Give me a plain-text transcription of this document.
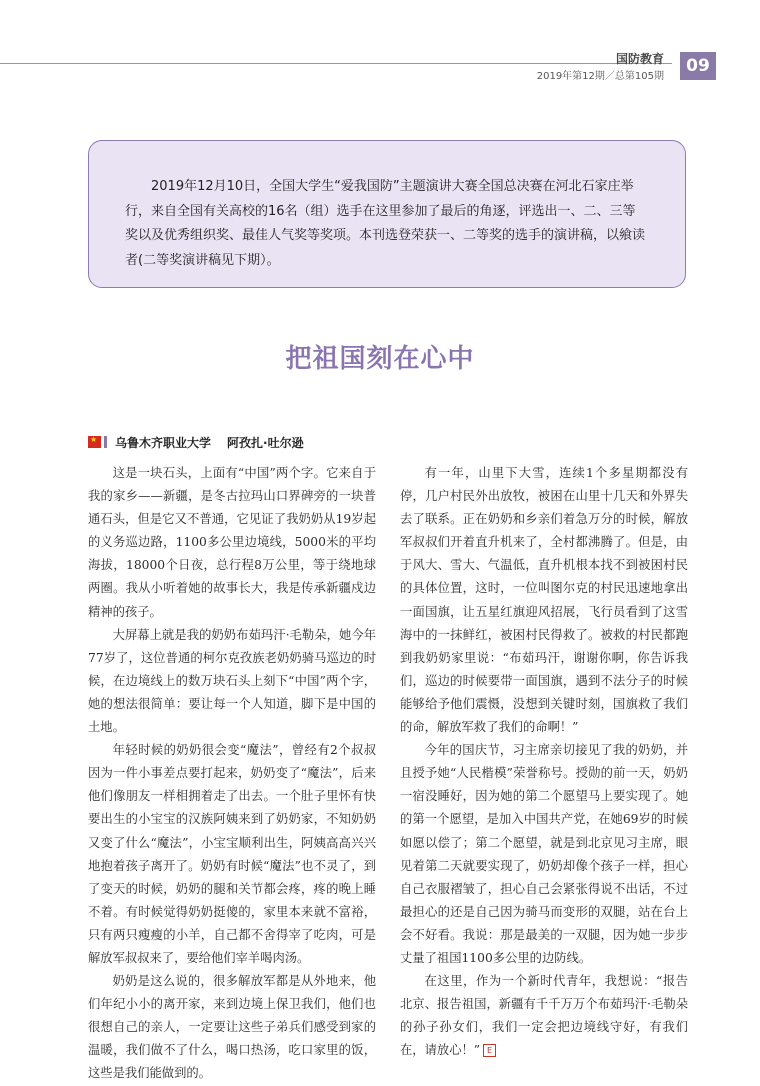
国防教育
2019年第12期／总第105期
09

2019年12月10日，全国大学生“爱我国防”主题演讲大赛全国总决赛在河北石家庄举行，来自全国有关高校的16名（组）选手在这里参加了最后的角逐，评选出一、二、三等奖以及优秀组织奖、最佳人气奖等奖项。本刊选登荣获一、二等奖的选手的演讲稿，以飨读者(二等奖演讲稿见下期）。

把祖国刻在心中
★
乌鲁木齐职业大学 阿孜扎·吐尔逊

这是一块石头，上面有“中国”两个字。它来自于我的家乡——新疆，是冬古拉玛山口界碑旁的一块普通石头，但是它又不普通，它见证了我奶奶从19岁起的义务巡边路，1100多公里边境线，5000米的平均海拔，18000个日夜，总行程8万公里，等于绕地球两圈。我从小听着她的故事长大，我是传承新疆戍边精神的孩子。

大屏幕上就是我的奶奶布茹玛汗·毛勒朵，她今年77岁了，这位普通的柯尔克孜族老奶奶骑马巡边的时候，在边境线上的数万块石头上刻下“中国”两个字，她的想法很简单：要让每一个人知道，脚下是中国的土地。

年轻时候的奶奶很会变“魔法”，曾经有2个叔叔因为一件小事差点要打起来，奶奶变了“魔法”，后来他们像朋友一样相拥着走了出去。一个肚子里怀有快要出生的小宝宝的汉族阿姨来到了奶奶家，不知奶奶又变了什么“魔法”，小宝宝顺利出生，阿姨高高兴兴地抱着孩子离开了。奶奶有时候“魔法”也不灵了，到了变天的时候，奶奶的腿和关节都会疼，疼的晚上睡不着。有时候觉得奶奶挺傻的，家里本来就不富裕，只有两只瘦瘦的小羊，自己都不舍得宰了吃肉，可是解放军叔叔来了，要给他们宰羊喝肉汤。

奶奶是这么说的，很多解放军都是从外地来，他们年纪小小的离开家，来到边境上保卫我们，他们也很想自己的亲人，一定要让这些子弟兵们感受到家的温暖，我们做不了什么，喝口热汤，吃口家里的饭，这些是我们能做到的。

有一年，山里下大雪，连续1个多星期都没有停，几户村民外出放牧，被困在山里十几天和外界失去了联系。正在奶奶和乡亲们着急万分的时候，解放军叔叔们开着直升机来了，全村都沸腾了。但是，由于风大、雪大、气温低，直升机根本找不到被困村民的具体位置，这时，一位叫图尔克的村民迅速地拿出一面国旗，让五星红旗迎风招展，飞行员看到了这雪海中的一抹鲜红，被困村民得救了。被救的村民都跑到我奶奶家里说：“布茹玛汗，谢谢你啊，你告诉我们，巡边的时候要带一面国旗，遇到不法分子的时候能够给予他们震慑，没想到关键时刻，国旗救了我们的命，解放军救了我们的命啊！”

今年的国庆节，习主席亲切接见了我的奶奶，并且授予她“人民楷模”荣誉称号。授勋的前一天，奶奶一宿没睡好，因为她的第二个愿望马上要实现了。她的第一个愿望，是加入中国共产党，在她69岁的时候如愿以偿了；第二个愿望，就是到北京见习主席，眼见着第二天就要实现了，奶奶却像个孩子一样，担心自己衣服褶皱了，担心自己会紧张得说不出话，不过最担心的还是自己因为骑马而变形的双腿，站在台上会不好看。我说：那是最美的一双腿，因为她一步步丈量了祖国1100多公里的边防线。

在这里，作为一个新时代青年，我想说：“报告北京、报告祖国，新疆有千千万万个布茹玛汗·毛勒朵的孙子孙女们，我们一定会把边境线守好，有我们在，请放心！” E
